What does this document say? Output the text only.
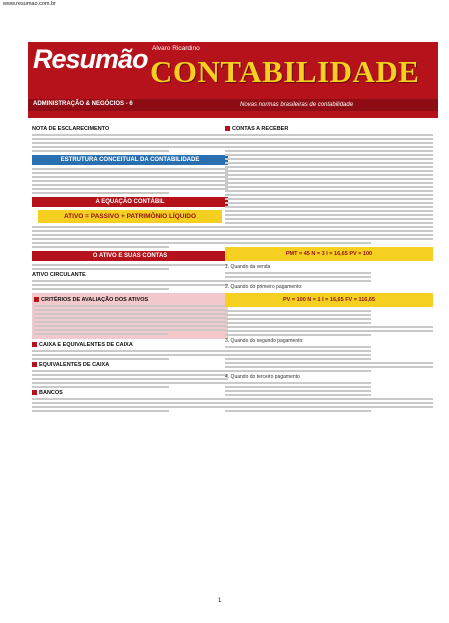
www.resumao.com.br
Resumão
ADMINISTRAÇÃO & NEGÓCIOS - 6
Alvaro Ricardino
CONTABILIDADE
Novas normas brasileiras de contabilidade
NOTA DE ESCLARECIMENTO
ESTRUTURA CONCEITUAL DA CONTABILIDADE
A EQUAÇÃO CONTÁBIL
ATIVO = PASSIVO + PATRIMÔNIO LÍQUIDO
O ATIVO E SUAS CONTAS
ATIVO CIRCULANTE
CRITÉRIOS DE AVALIAÇÃO DOS ATIVOS
CAIXA E EQUIVALENTES DE CAIXA
EQUIVALENTES DE CAIXA
BANCOS
CONTAS A RECEBER
PMT = 45 N = 3 I = 16,65 PV = 100
1. Quando da venda
2. Quando do primeiro pagamento:
PV = 100 N = 1 I = 16,65 FV = 116,65
3. Quando do segundo pagamento:
4. Quando do terceiro pagamento
1
